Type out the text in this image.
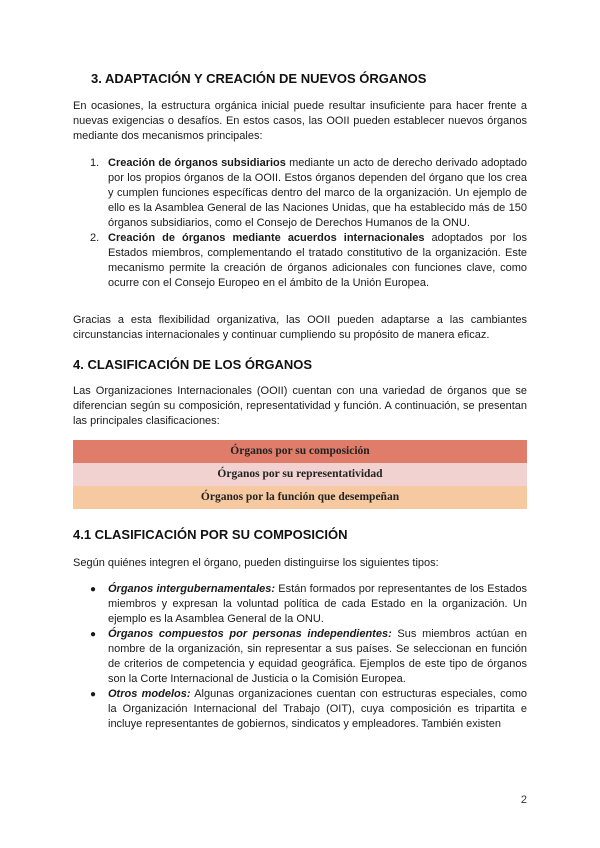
3. ADAPTACIÓN Y CREACIÓN DE NUEVOS ÓRGANOS

En ocasiones, la estructura orgánica inicial puede resultar insuficiente para hacer frente a nuevas exigencias o desafíos. En estos casos, las OOII pueden establecer nuevos órganos mediante dos mecanismos principales:

1. Creación de órganos subsidiarios mediante un acto de derecho derivado adoptado por los propios órganos de la OOII. Estos órganos dependen del órgano que los crea y cumplen funciones específicas dentro del marco de la organización. Un ejemplo de ello es la Asamblea General de las Naciones Unidas, que ha establecido más de 150 órganos subsidiarios, como el Consejo de Derechos Humanos de la ONU.
2. Creación de órganos mediante acuerdos internacionales adoptados por los Estados miembros, complementando el tratado constitutivo de la organización. Este mecanismo permite la creación de órganos adicionales con funciones clave, como ocurre con el Consejo Europeo en el ámbito de la Unión Europea.

Gracias a esta flexibilidad organizativa, las OOII pueden adaptarse a las cambiantes circunstancias internacionales y continuar cumpliendo su propósito de manera eficaz.

4. CLASIFICACIÓN DE LOS ÓRGANOS

Las Organizaciones Internacionales (OOII) cuentan con una variedad de órganos que se diferencian según su composición, representatividad y función. A continuación, se presentan las principales clasificaciones:

Órganos por su composición
Órganos por su representatividad
Órganos por la función que desempeñan
4.1 CLASIFICACIÓN POR SU COMPOSICIÓN

Según quiénes integren el órgano, pueden distinguirse los siguientes tipos:

● Órganos intergubernamentales: Están formados por representantes de los Estados miembros y expresan la voluntad política de cada Estado en la organización. Un ejemplo es la Asamblea General de la ONU.
● Órganos compuestos por personas independientes: Sus miembros actúan en nombre de la organización, sin representar a sus países. Se seleccionan en función de criterios de competencia y equidad geográfica. Ejemplos de este tipo de órganos son la Corte Internacional de Justicia o la Comisión Europea.
● Otros modelos: Algunas organizaciones cuentan con estructuras especiales, como la Organización Internacional del Trabajo (OIT), cuya composición es tripartita e incluye representantes de gobiernos, sindicatos y empleadores. También existen
2
